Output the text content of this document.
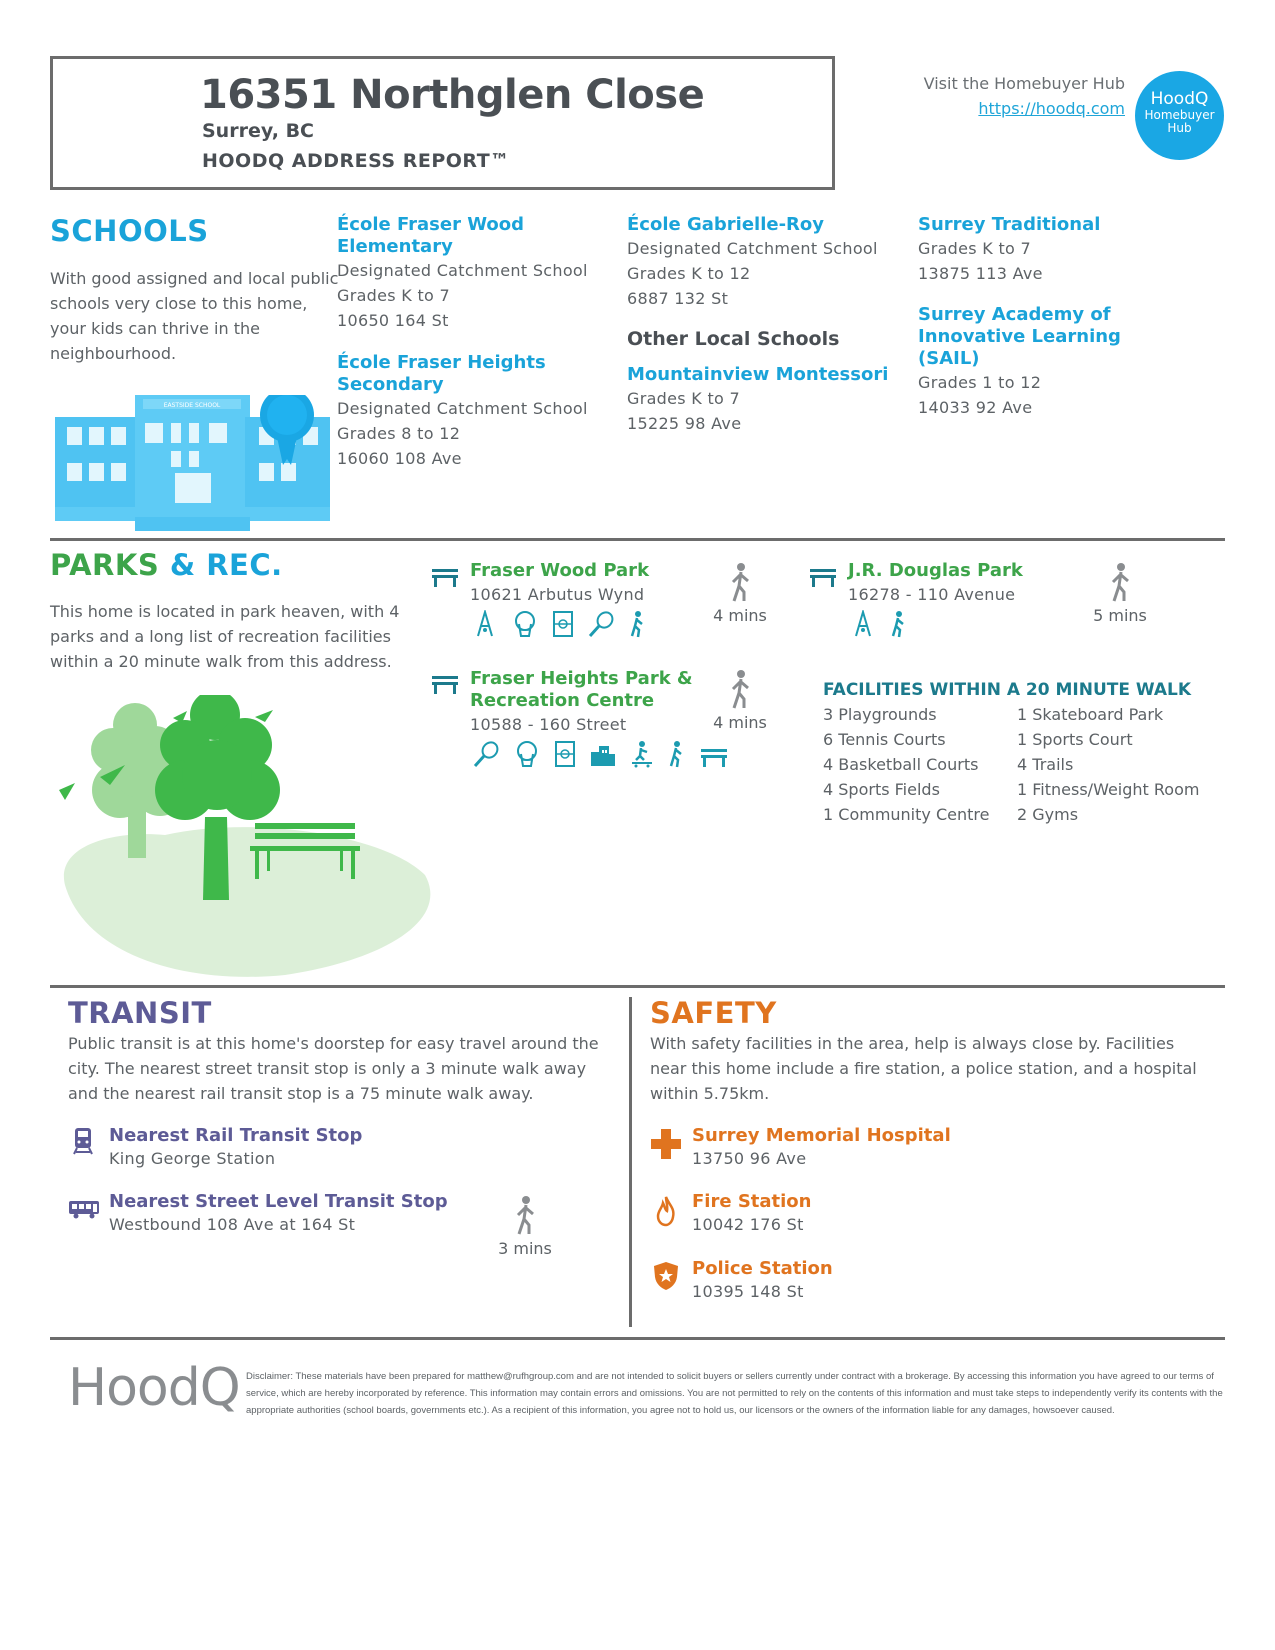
16351 Northglen Close
Surrey, BC
HOODQ ADDRESS REPORT™
Visit the Homebuyer Hub
https://hoodq.com	HoodQ
Homebuyer
Hub
SCHOOLS
With good assigned and local public schools very close to this home, your kids can thrive in the neighbourhood.
EASTSIDE SCHOOL
École Fraser Wood Elementary
Designated Catchment School
Grades K to 7
10650 164 St
École Fraser Heights Secondary
Designated Catchment School
Grades 8 to 12
16060 108 Ave
École Gabrielle-Roy
Designated Catchment School
Grades K to 12
6887 132 St
Other Local Schools
Mountainview Montessori
Grades K to 7
15225 98 Ave
Surrey Traditional
Grades K to 7
13875 113 Ave
Surrey Academy of Innovative Learning (SAIL)
Grades 1 to 12
14033 92 Ave
PARKS & REC.
This home is located in park heaven, with 4 parks and a long list of recreation facilities within a 20 minute walk from this address.
Fraser Wood Park
10621 Arbutus Wynd

4 mins
J.R. Douglas Park
16278 - 110 Avenue

5 mins
Fraser Heights Park & Recreation Centre
10588 - 160 Street
	4 mins
FACILITIES WITHIN A 20 MINUTE WALK
3 Playgrounds
6 Tennis Courts
4 Basketball Courts
4 Sports Fields
1 Community Centre
1 Skateboard Park
1 Sports Court
4 Trails
1 Fitness/Weight Room
2 Gyms
TRANSIT
Public transit is at this home's doorstep for easy travel around the city. The nearest street transit stop is only a 3 minute walk away and the nearest rail transit stop is a 75 minute walk away.
Nearest Rail Transit Stop
King George Station
Nearest Street Level Transit Stop
Westbound 108 Ave at 164 St
3 mins
SAFETY
With safety facilities in the area, help is always close by. Facilities near this home include a fire station, a police station, and a hospital within 5.75km.
Surrey Memorial Hospital
13750 96 Ave
Fire Station
10042 176 St
Police Station
10395 148 St
HoodQ Disclaimer: These materials have been prepared for matthew@rufhgroup.com and are not intended to solicit buyers or sellers currently under contract with a brokerage. By accessing this information you have agreed to our terms of service, which are hereby incorporated by reference. This information may contain errors and omissions. You are not permitted to rely on the contents of this information and must take steps to independently verify its contents with the appropriate authorities (school boards, governments etc.). As a recipient of this information, you agree not to hold us, our licensors or the owners of the information liable for any damages, howsoever caused.
